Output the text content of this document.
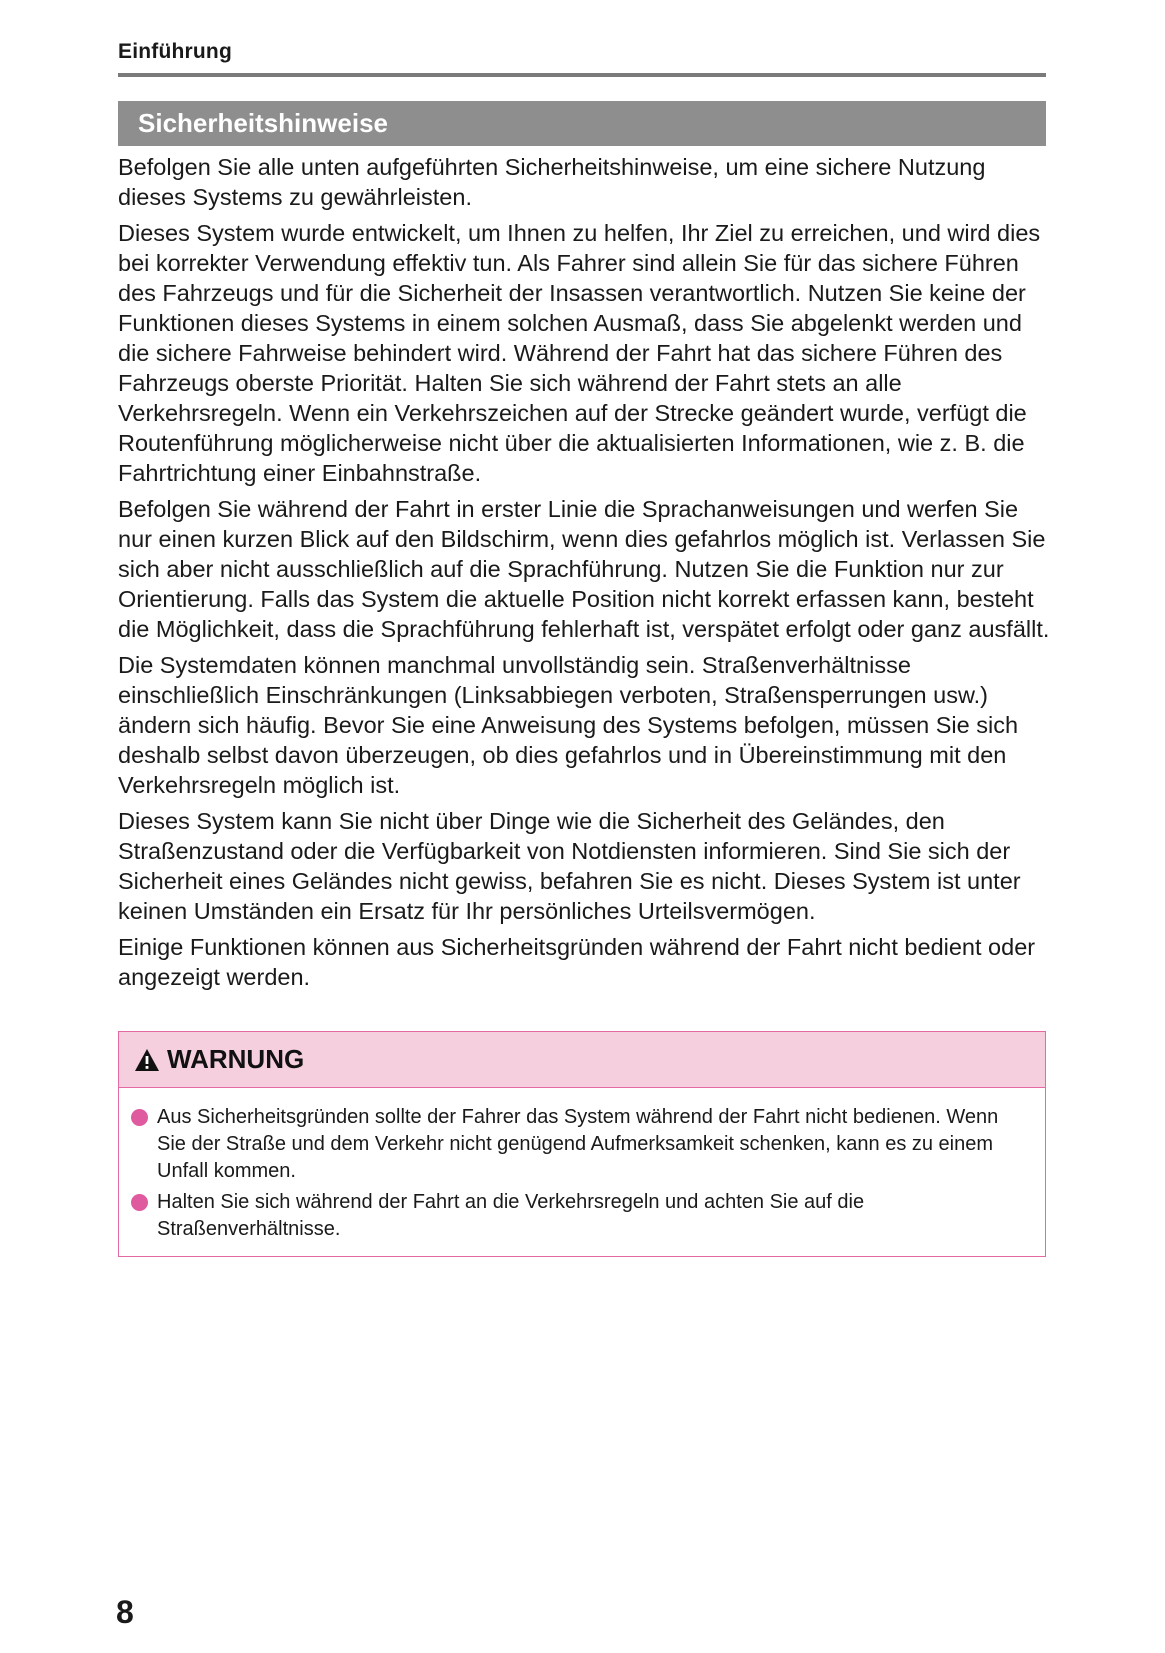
Einführung
Sicherheitshinweise

Befolgen Sie alle unten aufgeführten Sicherheitshinweise, um eine sichere Nutzung dieses Systems zu gewährleisten.

Dieses System wurde entwickelt, um Ihnen zu helfen, Ihr Ziel zu erreichen, und wird dies bei korrekter Verwendung effektiv tun. Als Fahrer sind allein Sie für das sichere Führen des Fahrzeugs und für die Sicherheit der Insassen verantwortlich. Nutzen Sie keine der Funktionen dieses Systems in einem solchen Ausmaß, dass Sie abgelenkt werden und die sichere Fahrweise behindert wird. Während der Fahrt hat das sichere Führen des Fahrzeugs oberste Priorität. Halten Sie sich während der Fahrt stets an alle Verkehrsregeln. Wenn ein Verkehrszeichen auf der Strecke geändert wurde, verfügt die Routenführung möglicherweise nicht über die aktualisierten Informationen, wie z. B. die Fahrtrichtung einer Einbahnstraße.

Befolgen Sie während der Fahrt in erster Linie die Sprachanweisungen und werfen Sie nur einen kurzen Blick auf den Bildschirm, wenn dies gefahrlos möglich ist. Verlassen Sie sich aber nicht ausschließlich auf die Sprachführung. Nutzen Sie die Funktion nur zur Orientierung. Falls das System die aktuelle Position nicht korrekt erfassen kann, besteht die Möglichkeit, dass die Sprachführung fehlerhaft ist, verspätet erfolgt oder ganz ausfällt.

Die Systemdaten können manchmal unvollständig sein. Straßenverhältnisse einschließlich Einschränkungen (Linksabbiegen verboten, Straßensperrungen usw.) ändern sich häufig. Bevor Sie eine Anweisung des Systems befolgen, müssen Sie sich deshalb selbst davon überzeugen, ob dies gefahrlos und in Übereinstimmung mit den Verkehrsregeln möglich ist.

Dieses System kann Sie nicht über Dinge wie die Sicherheit des Geländes, den Straßenzustand oder die Verfügbarkeit von Notdiensten informieren. Sind Sie sich der Sicherheit eines Geländes nicht gewiss, befahren Sie es nicht. Dieses System ist unter keinen Umständen ein Ersatz für Ihr persönliches Urteilsvermögen.

Einige Funktionen können aus Sicherheitsgründen während der Fahrt nicht bedient oder angezeigt werden.

WARNUNG
Aus Sicherheitsgründen sollte der Fahrer das System während der Fahrt nicht bedienen. Wenn Sie der Straße und dem Verkehr nicht genügend Aufmerksamkeit schenken, kann es zu einem Unfall kommen.
Halten Sie sich während der Fahrt an die Verkehrsregeln und achten Sie auf die Straßenverhältnisse.
8
